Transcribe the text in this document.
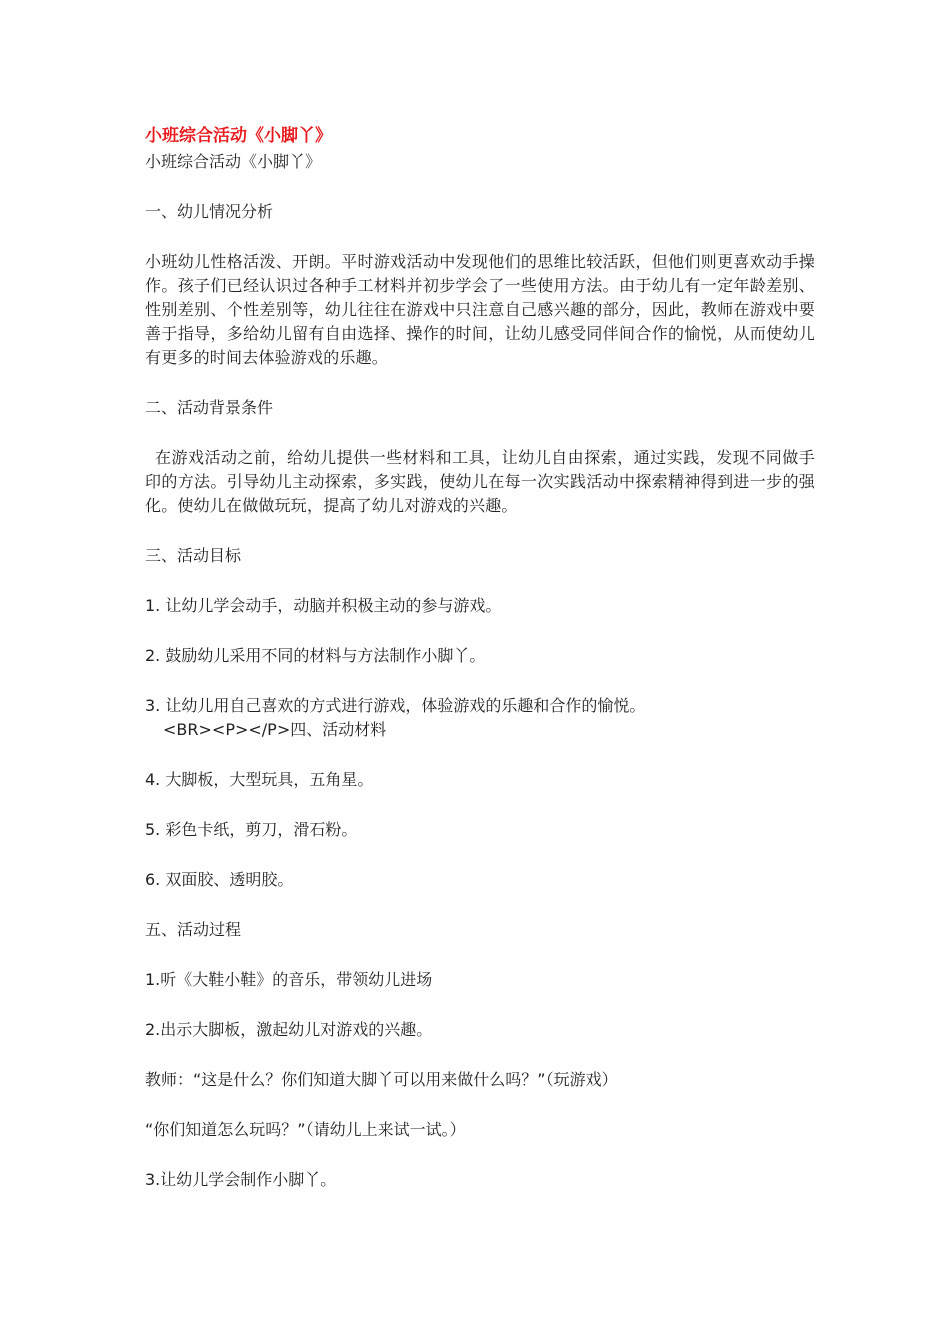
小班综合活动《小脚丫》

小班综合活动《小脚丫》

一、幼儿情况分析

小班幼儿性格活泼、开朗。平时游戏活动中发现他们的思维比较活跃，但他们则更喜欢动手操作。孩子们已经认识过各种手工材料并初步学会了一些使用方法。由于幼儿有一定年龄差别、性别差别、个性差别等，幼儿往往在游戏中只注意自己感兴趣的部分，因此，教师在游戏中要善于指导，多给幼儿留有自由选择、操作的时间，让幼儿感受同伴间合作的愉悦，从而使幼儿有更多的时间去体验游戏的乐趣。

二、活动背景条件

在游戏活动之前，给幼儿提供一些材料和工具，让幼儿自由探索，通过实践，发现不同做手印的方法。引导幼儿主动探索，多实践，使幼儿在每一次实践活动中探索精神得到进一步的强化。使幼儿在做做玩玩，提高了幼儿对游戏的兴趣。

三、活动目标

1. 让幼儿学会动手，动脑并积极主动的参与游戏。

2. 鼓励幼儿采用不同的材料与方法制作小脚丫。

3. 让幼儿用自己喜欢的方式进行游戏，体验游戏的乐趣和合作的愉悦。

<BR><P></P>四、活动材料

4. 大脚板，大型玩具，五角星。

5. 彩色卡纸，剪刀，滑石粉。

6. 双面胶、透明胶。

五、活动过程

1.听《大鞋小鞋》的音乐，带领幼儿进场

2.出示大脚板，激起幼儿对游戏的兴趣。

教师：“这是什么？你们知道大脚丫可以用来做什么吗？”（玩游戏）

“你们知道怎么玩吗？”（请幼儿上来试一试。）

3.让幼儿学会制作小脚丫。
